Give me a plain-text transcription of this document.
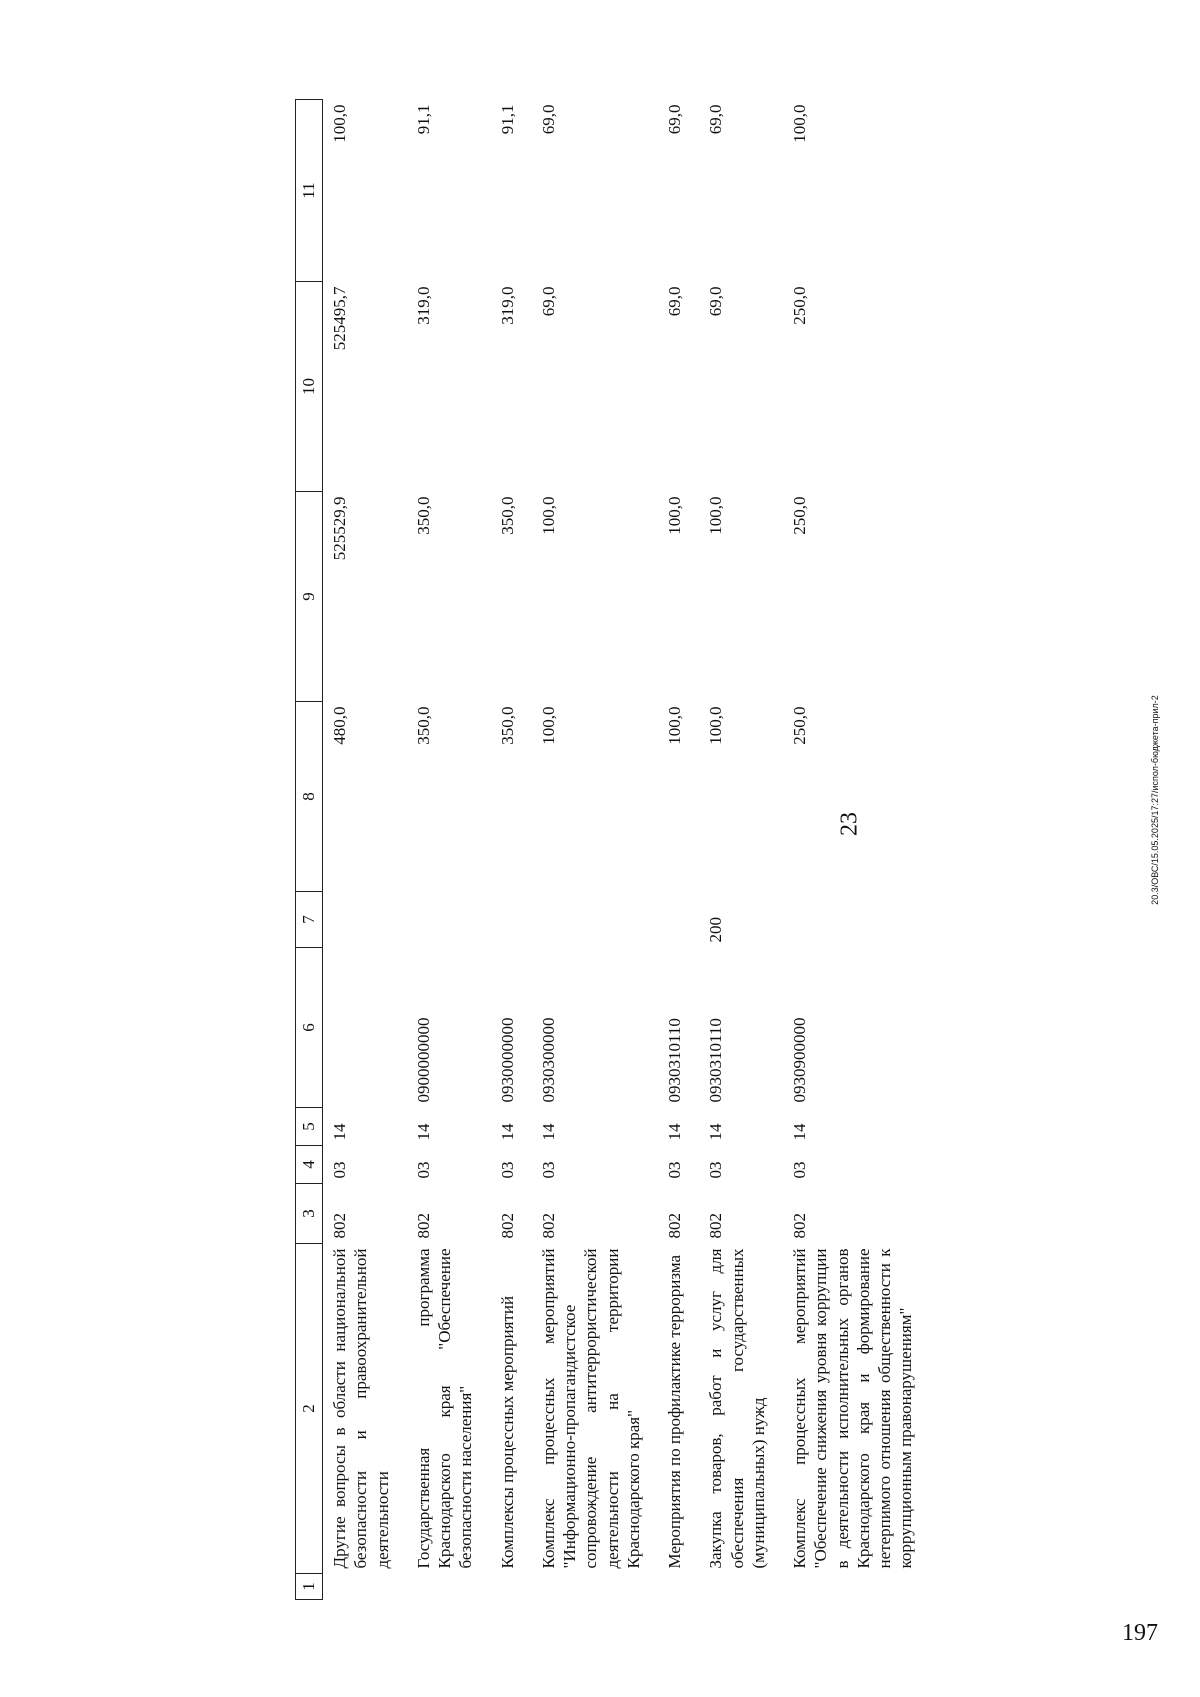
23
1	2	3	4	5	6	7	8	9	10	11
	Другие вопросы в области национальной безопасности и правоохранительной деятельности	802	03	14			480,0	525529,9	525495,7	100,0
	Государственная программа Краснодарского края "Обеспечение безопасности населения"	802	03	14	0900000000		350,0	350,0	319,0	91,1
	Комплексы процессных мероприятий	802	03	14	0930000000		350,0	350,0	319,0	91,1
	Комплекс процессных мероприятий "Информационно-пропагандистское сопровождение антитеррористической деятельности на территории Краснодарского края"	802	03	14	0930300000		100,0	100,0	69,0	69,0
	Мероприятия по профилактике терроризма	802	03	14	0930310110		100,0	100,0	69,0	69,0
	Закупка товаров, работ и услуг для обеспечения государственных (муниципальных) нужд	802	03	14	0930310110	200	100,0	100,0	69,0	69,0
	Комплекс процессных мероприятий "Обеспечение снижения уровня коррупции в деятельности исполнительных органов Краснодарского края и формирование нетерпимого отношения общественности к коррупционным правонарушениям"	802	03	14	0930900000		250,0	250,0	250,0	100,0
20.3/ОВС/15.05.2025/17:27/испол-бюджета-прил-2
197
